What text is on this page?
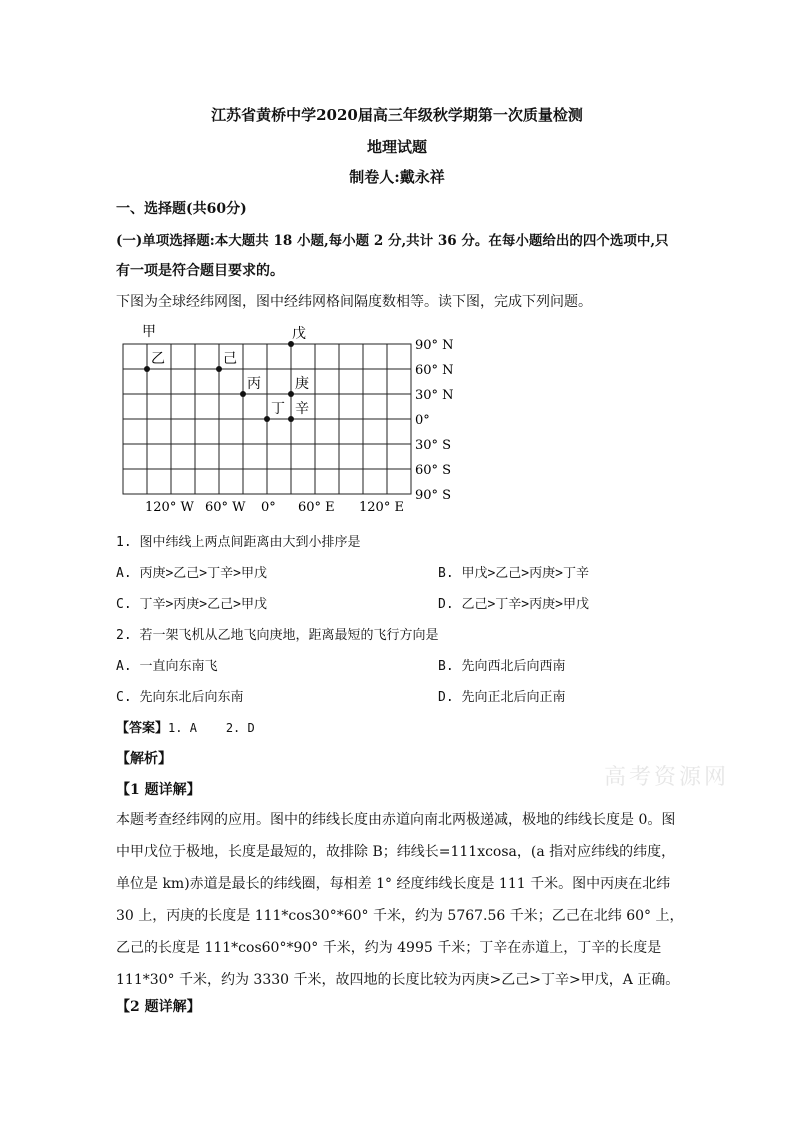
江苏省黄桥中学2020届高三年级秋学期第一次质量检测
地理试题
制卷人:戴永祥
一、选择题(共60分)
(一)单项选择题:本大题共 18 小题,每小题 2 分,共计 36 分。在每小题给出的四个选项中,只
有一项是符合题目要求的。
下图为全球经纬网图，图中经纬网格间隔度数相等。读下图，完成下列问题。
甲
乙	己
戊
丙 庚
丁 辛
90° N
60° N
30° N
0°
30° S
60° S
90° S
120° W 60° W 0° 60° E 120° E
1. 图中纬线上两点间距离由大到小排序是
A. 丙庚>乙己>丁辛>甲戊	B. 甲戊>乙己>丙庚>丁辛
C. 丁辛>丙庚>乙己>甲戊	D. 乙己>丁辛>丙庚>甲戊
2. 若一架飞机从乙地飞向庚地，距离最短的飞行方向是
A. 一直向东南飞	B. 先向西北后向西南
C. 先向东北后向东南	D. 先向正北后向正南
【答案】1. A    2. D
【解析】
【1 题详解】
本题考查经纬网的应用。图中的纬线长度由赤道向南北两极递减，极地的纬线长度是 0。图中甲戊位于极地，长度是最短的，故排除 B；纬线长=111xcosa，(a 指对应纬线的纬度，单位是 km)赤道是最长的纬线圈，每相差 1° 经度纬线长度是 111 千米。图中丙庚在北纬 30 上，丙庚的长度是 111*cos30°*60° 千米，约为 5767.56 千米；乙己在北纬 60° 上，乙己的长度是 111*cos60°*90° 千米，约为 4995 千米；丁辛在赤道上，丁辛的长度是 111*30° 千米，约为 3330 千米，故四地的长度比较为丙庚>乙己>丁辛>甲戊，A 正确。
【2 题详解】
高考资源网
